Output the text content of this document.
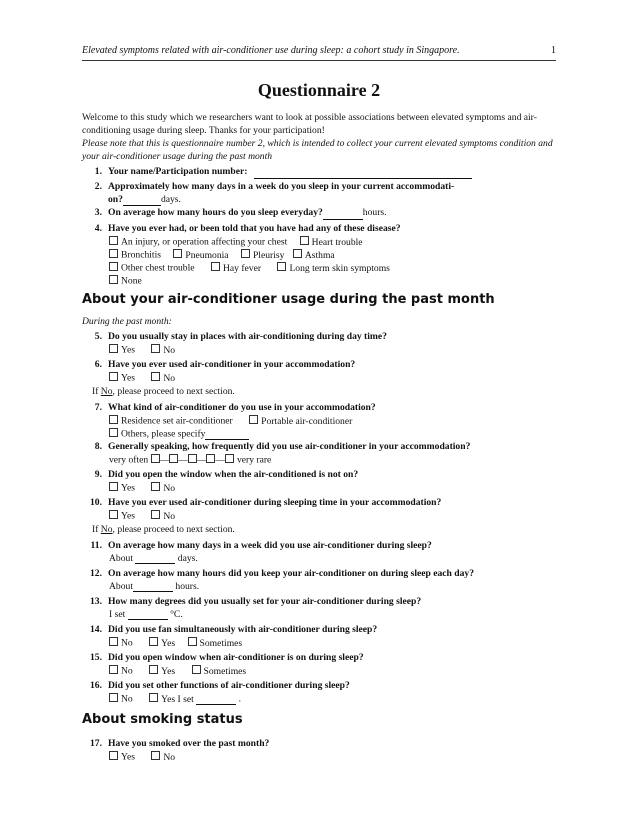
Elevated symptoms related with air-conditioner use during sleep: a cohort study in Singapore.	1
Questionnaire 2
Welcome to this study which we researchers want to look at possible associations between elevated symptoms and air-conditioning usage during sleep. Thanks for your participation!
Please note that this is questionnaire number 2, which is intended to collect your current elevated symptoms condition and your air-conditioner usage during the past month
1. Your name/Participation number:
2. Approximately how many days in a week do you sleep in your current accommodati-
on?	days.
3. On average how many hours do you sleep everyday?	hours.
4. Have you ever had, or been told that you have had any of these disease?
An injury, or operation affecting your chest	Heart trouble
Bronchitis	Pneumonia	Pleurisy Asthma
Other chest trouble	Hay fever	Long term skin symptoms
None
About your air-conditioner usage during the past month
During the past month:
5. Do you usually stay in places with air-conditioning during day time?
Yes	No
6. Have you ever used air-conditioner in your accommodation?
Yes	No
If No, please proceed to next section.
7. What kind of air-conditioner do you use in your accommodation?
Residence set air-conditioner	Portable air-conditioner
Others, please specify
8. Generally speaking, how frequently did you use air-conditioner in your accommodation?
very often — — — — very rare
9. Did you open the window when the air-conditioned is not on?
Yes	No
10. Have you ever used air-conditioner during sleeping time in your accommodation?
Yes	No
If No, please proceed to next section.
11. On average how many days in a week did you use air-conditioner during sleep?
About	days.
12. On average how many hours did you keep your air-conditioner on during sleep each day?
About	hours.
13. How many degrees did you usually set for your air-conditioner during sleep?
I set	°C.
14. Did you use fan simultaneously with air-conditioner during sleep?
No	Yes	Sometimes
15. Did you open window when air-conditioner is on during sleep?
No	Yes	Sometimes
16. Did you set other functions of air-conditioner during sleep?
No	Yes I set	.
About smoking status
17. Have you smoked over the past month?
Yes	No
